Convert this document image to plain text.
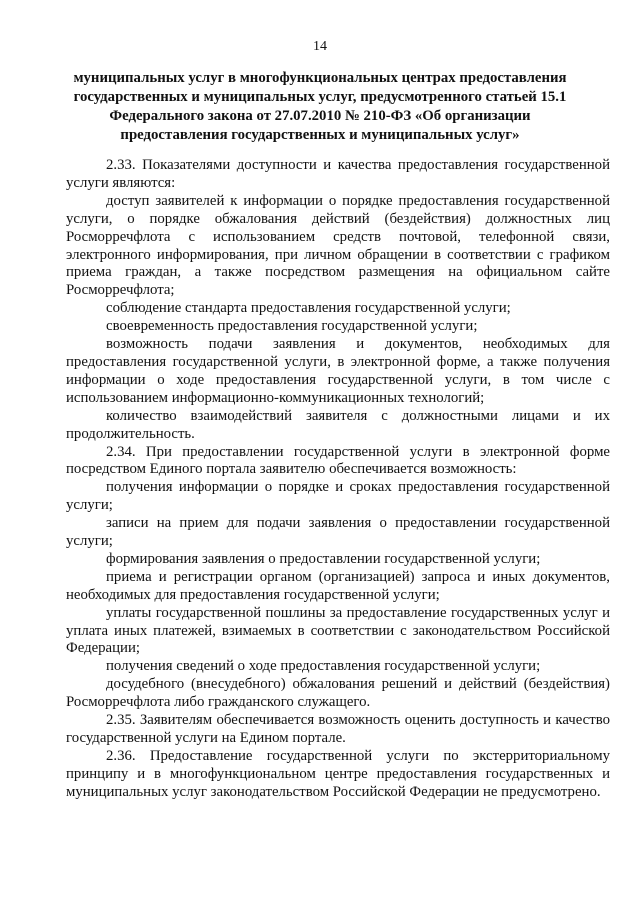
14
муниципальных услуг в многофункциональных центрах предоставления государственных и муниципальных услуг, предусмотренного статьей 15.1 Федерального закона от 27.07.2010 № 210-ФЗ «Об организации предоставления государственных и муниципальных услуг»

2.33. Показателями доступности и качества предоставления государственной услуги являются:

доступ заявителей к информации о порядке предоставления государственной услуги, о порядке обжалования действий (бездействия) должностных лиц Росморречфлота с использованием средств почтовой, телефонной связи, электронного информирования, при личном обращении в соответствии с графиком приема граждан, а также посредством размещения на официальном сайте Росморречфлота;

соблюдение стандарта предоставления государственной услуги;

своевременность предоставления государственной услуги;

возможность подачи заявления и документов, необходимых для предоставления государственной услуги, в электронной форме, а также получения информации о ходе предоставления государственной услуги, в том числе с использованием информационно-коммуникационных технологий;

количество взаимодействий заявителя с должностными лицами и их продолжительность.

2.34. При предоставлении государственной услуги в электронной форме посредством Единого портала заявителю обеспечивается возможность:

получения информации о порядке и сроках предоставления государственной услуги;

записи на прием для подачи заявления о предоставлении государственной услуги;

формирования заявления о предоставлении государственной услуги;

приема и регистрации органом (организацией) запроса и иных документов, необходимых для предоставления государственной услуги;

уплаты государственной пошлины за предоставление государственных услуг и уплата иных платежей, взимаемых в соответствии с законодательством Российской Федерации;

получения сведений о ходе предоставления государственной услуги;

досудебного (внесудебного) обжалования решений и действий (бездействия) Росморречфлота либо гражданского служащего.

2.35. Заявителям обеспечивается возможность оценить доступность и качество государственной услуги на Едином портале.

2.36. Предоставление государственной услуги по экстерриториальному принципу и в многофункциональном центре предоставления государственных и муниципальных услуг законодательством Российской Федерации не предусмотрено.
